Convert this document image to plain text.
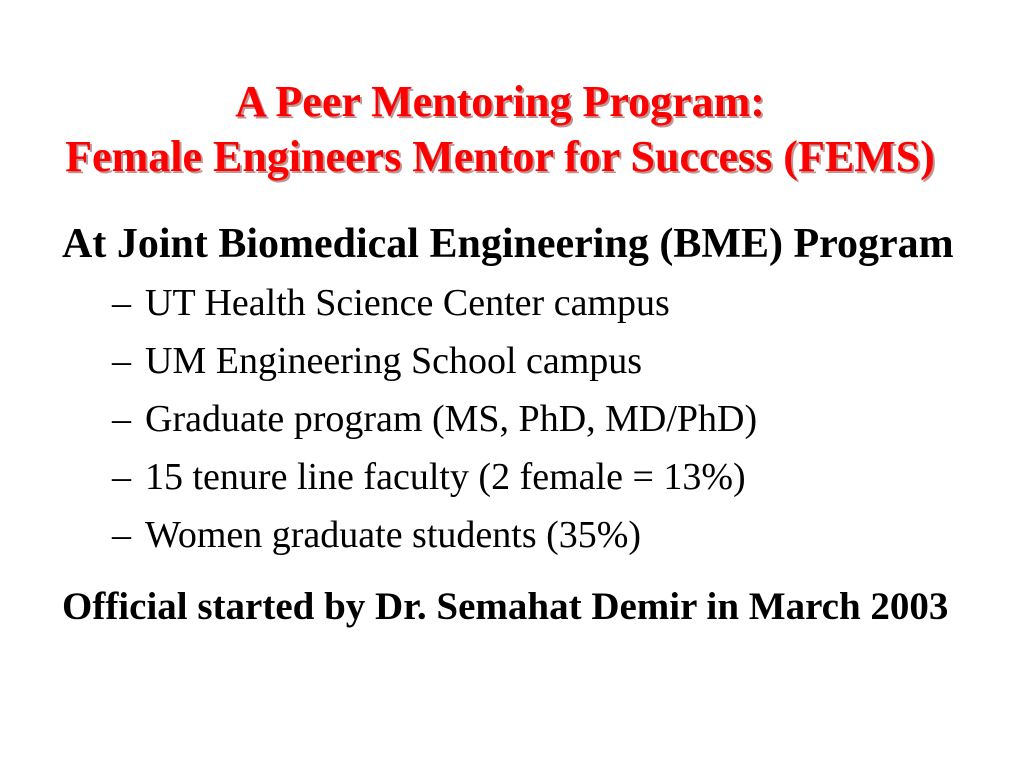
A Peer Mentoring Program:
Female Engineers Mentor for Success (FEMS)
At Joint Biomedical Engineering (BME) Program
– UT Health Science Center campus
– UM Engineering School campus
– Graduate program (MS, PhD, MD/PhD)
– 15 tenure line faculty (2 female = 13%)
– Women graduate students (35%)
Official started by Dr. Semahat Demir in March 2003
